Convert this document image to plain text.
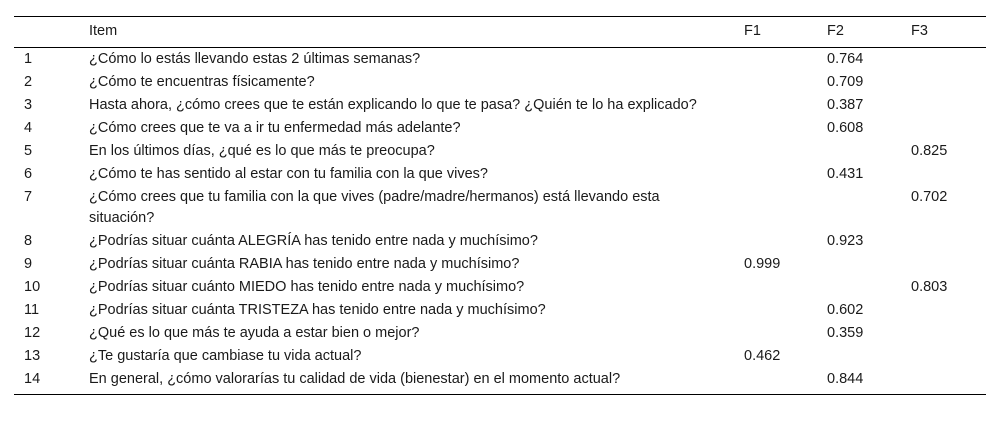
	Item	F1	F2	F3
1	¿Cómo lo estás llevando estas 2 últimas semanas?		0.764	
2	¿Cómo te encuentras físicamente?		0.709	
3	Hasta ahora, ¿cómo crees que te están explicando lo que te pasa? ¿Quién te lo ha explicado?		0.387	
4	¿Cómo crees que te va a ir tu enfermedad más adelante?		0.608	
5	En los últimos días, ¿qué es lo que más te preocupa?			0.825
6	¿Cómo te has sentido al estar con tu familia con la que vives?		0.431	
7	¿Cómo crees que tu familia con la que vives (padre/madre/hermanos) está llevando esta situación?			0.702
8	¿Podrías situar cuánta ALEGRÍA has tenido entre nada y muchísimo?		0.923	
9	¿Podrías situar cuánta RABIA has tenido entre nada y muchísimo?	0.999		
10	¿Podrías situar cuánto MIEDO has tenido entre nada y muchísimo?			0.803
11	¿Podrías situar cuánta TRISTEZA has tenido entre nada y muchísimo?		0.602	
12	¿Qué es lo que más te ayuda a estar bien o mejor?		0.359	
13	¿Te gustaría que cambiase tu vida actual?	0.462		
14	En general, ¿cómo valorarías tu calidad de vida (bienestar) en el momento actual?		0.844	
